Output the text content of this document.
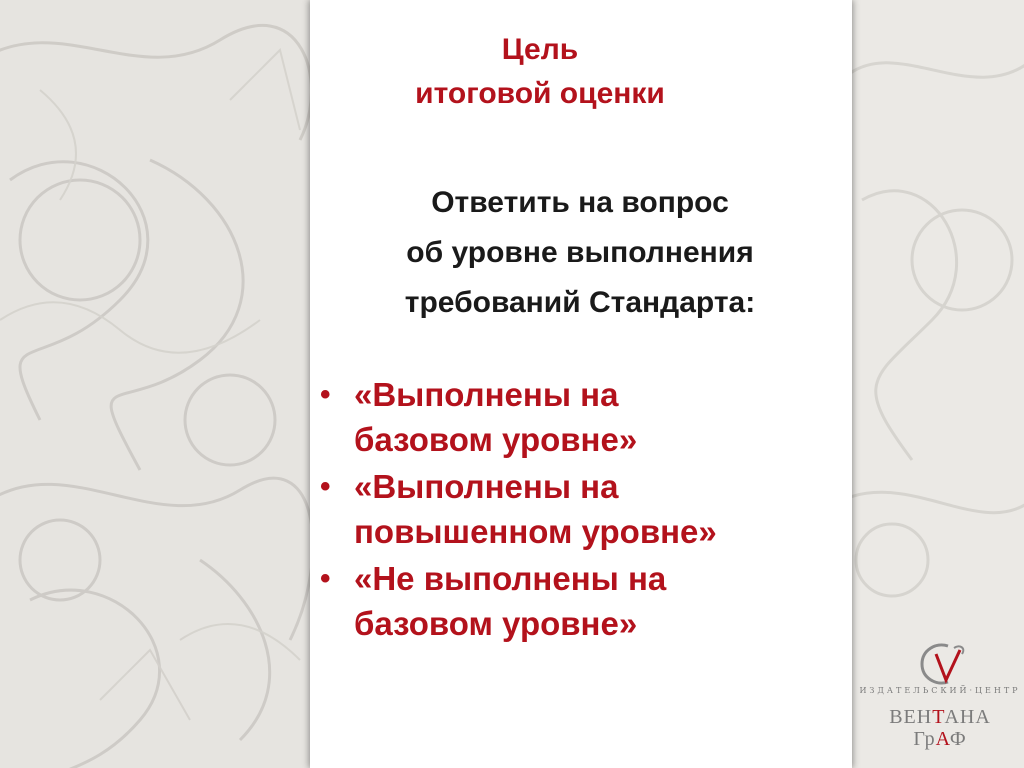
Цель
итоговой оценки
Ответить на вопрос
об уровне выполнения
требований Стандарта:
• «Выполнены на
базовом уровне»
• «Выполнены на
повышенном уровне»
• «Не выполнены на
базовом уровне»
ИЗДАТЕЛЬСКИЙ·ЦЕНТР
ВЕНТАНА
ГрАФ
